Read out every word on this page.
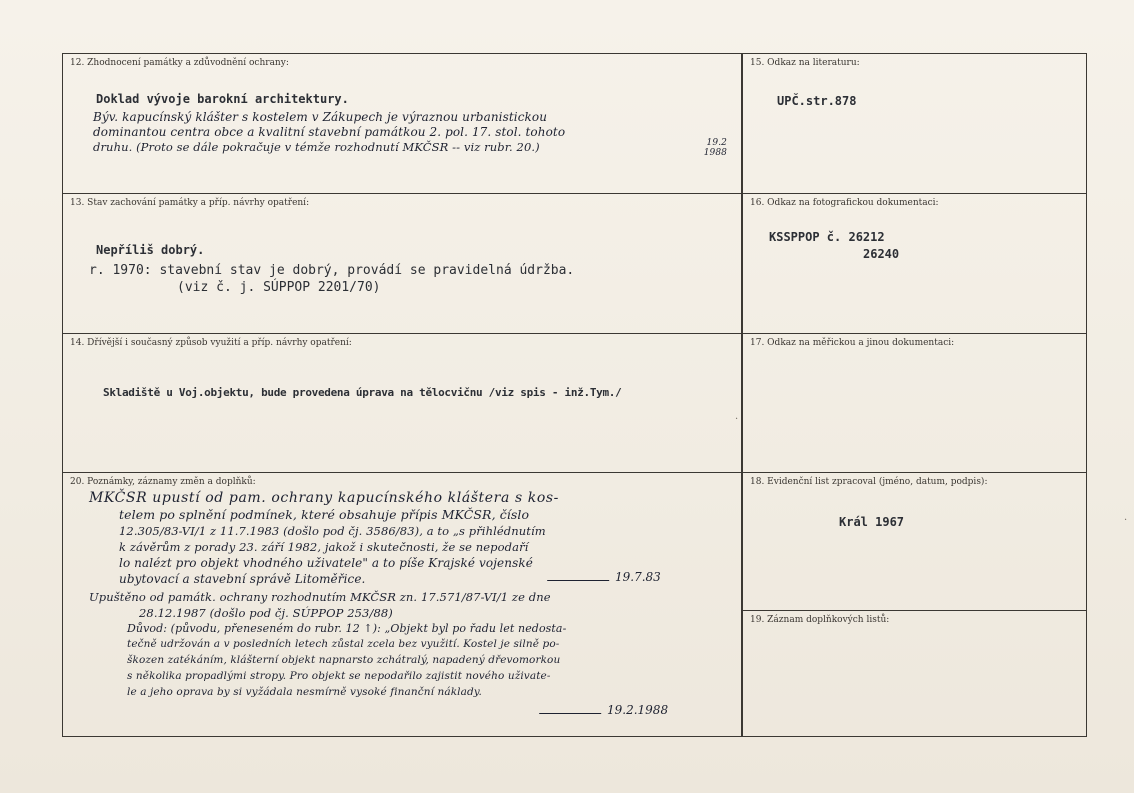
12. Zhodnocení památky a zdůvodnění ochrany:
Doklad vývoje barokní architektury.
Býv. kapucínský klášter s kostelem v Zákupech je výraznou urbanistickou
dominantou centra obce a kvalitní stavební památkou 2. pol. 17. stol. tohoto
druhu. (Proto se dále pokračuje v témže rozhodnutí MKČSR -- viz rubr. 20.)	19.2 1988
15. Odkaz na literaturu:
UPČ.str.878
13. Stav zachování památky a příp. návrhy opatření:
Nepříliš dobrý.
r. 1970: stavební stav je dobrý, provádí se pravidelná údržba.
(viz č. j. SÚPPOP 2201/70)
16. Odkaz na fotografickou dokumentaci:
KSSPPOP č. 26212
26240
14. Dřívější i současný způsob využití a příp. návrhy opatření:
Skladiště u Voj.objektu, bude provedena úprava na tělocvičnu /viz spis - inž.Tym./
·
17. Odkaz na měřickou a jinou dokumentaci:
20. Poznámky, záznamy změn a doplňků:
MKČSR upustí od pam. ochrany kapucínského kláštera s kos-
telem po splnění podmínek, které obsahuje přípis MKČSR, číslo
12.305/83-VI/1 z 11.7.1983 (došlo pod čj. 3586/83), a to „s přihlédnutím
k závěrům z porady 23. září 1982, jakož i skutečnosti, že se nepodaří
lo nalézt pro objekt vhodného uživatele" a to píše Krajské vojenské
ubytovací a stavební správě Litoměřice.	19.7.83
Upuštěno od památk. ochrany rozhodnutím MKČSR zn. 17.571/87-VI/1 ze dne
28.12.1987 (došlo pod čj. SÚPPOP 253/88)
Důvod: (původu, přeneseném do rubr. 12 ↑): „Objekt byl po řadu let nedosta-
tečně udržován a v posledních letech zůstal zcela bez využití. Kostel je silně po-
škozen zatékáním, klášterní objekt napnarsto zchátralý, napadený dřevomorkou
s několika propadlými stropy. Pro objekt se nepodařilo zajistit nového uživate-
le a jeho oprava by si vyžádala nesmírně vysoké finanční náklady.
19.2.1988
18. Evidenční list zpracoval (jméno, datum, podpis):
Král 1967
19. Záznam doplňkových listů:
·
